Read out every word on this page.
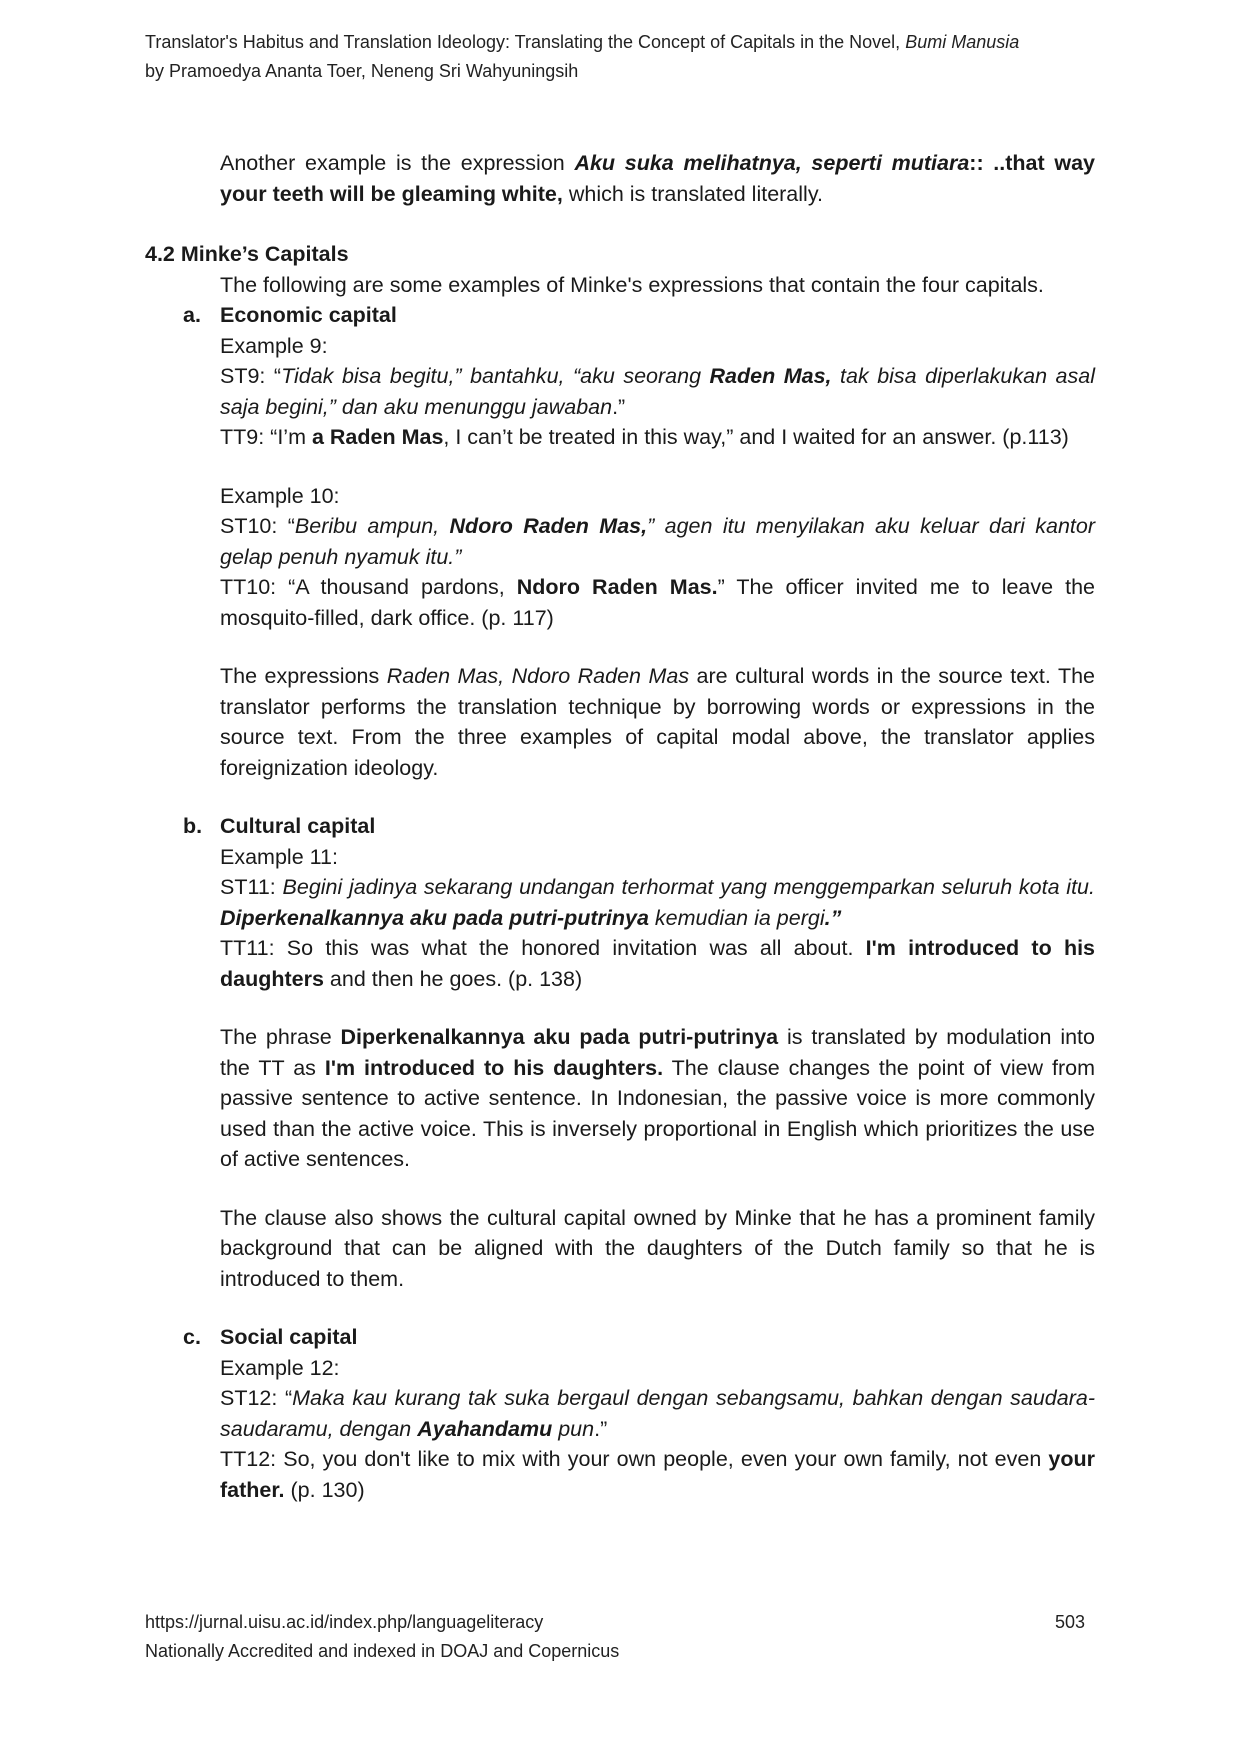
Translator's Habitus and Translation Ideology: Translating the Concept of Capitals in the Novel, Bumi Manusia
by Pramoedya Ananta Toer, Neneng Sri Wahyuningsih

Another example is the expression Aku suka melihatnya, seperti mutiara:: ..that way your teeth will be gleaming white, which is translated literally.

4.2 Minke’s Capitals

The following are some examples of Minke's expressions that contain the four capitals.

a. Economic capital

Example 9:

ST9: “Tidak bisa begitu,” bantahku, “aku seorang Raden Mas, tak bisa diperlakukan asal saja begini,” dan aku menunggu jawaban.”

TT9: “I’m a Raden Mas, I can’t be treated in this way,” and I waited for an answer. (p.113)

Example 10:

ST10: “Beribu ampun, Ndoro Raden Mas,” agen itu menyilakan aku keluar dari kantor gelap penuh nyamuk itu.”

TT10: “A thousand pardons, Ndoro Raden Mas.” The officer invited me to leave the mosquito-filled, dark office. (p. 117)

The expressions Raden Mas, Ndoro Raden Mas are cultural words in the source text. The translator performs the translation technique by borrowing words or expressions in the source text. From the three examples of capital modal above, the translator applies foreignization ideology.

b. Cultural capital

Example 11:

ST11: Begini jadinya sekarang undangan terhormat yang menggemparkan seluruh kota itu. Diperkenalkannya aku pada putri-putrinya kemudian ia pergi.”

TT11: So this was what the honored invitation was all about. I'm introduced to his daughters and then he goes. (p. 138)

The phrase Diperkenalkannya aku pada putri-putrinya is translated by modulation into the TT as I'm introduced to his daughters. The clause changes the point of view from passive sentence to active sentence. In Indonesian, the passive voice is more commonly used than the active voice. This is inversely proportional in English which prioritizes the use of active sentences.

The clause also shows the cultural capital owned by Minke that he has a prominent family background that can be aligned with the daughters of the Dutch family so that he is introduced to them.

c. Social capital

Example 12:

ST12: “Maka kau kurang tak suka bergaul dengan sebangsamu, bahkan dengan saudara-saudaramu, dengan Ayahandamu pun.”

TT12: So, you don't like to mix with your own people, even your own family, not even your father. (p. 130)

https://jurnal.uisu.ac.id/index.php/languageliteracy
Nationally Accredited and indexed in DOAJ and Copernicus
503
